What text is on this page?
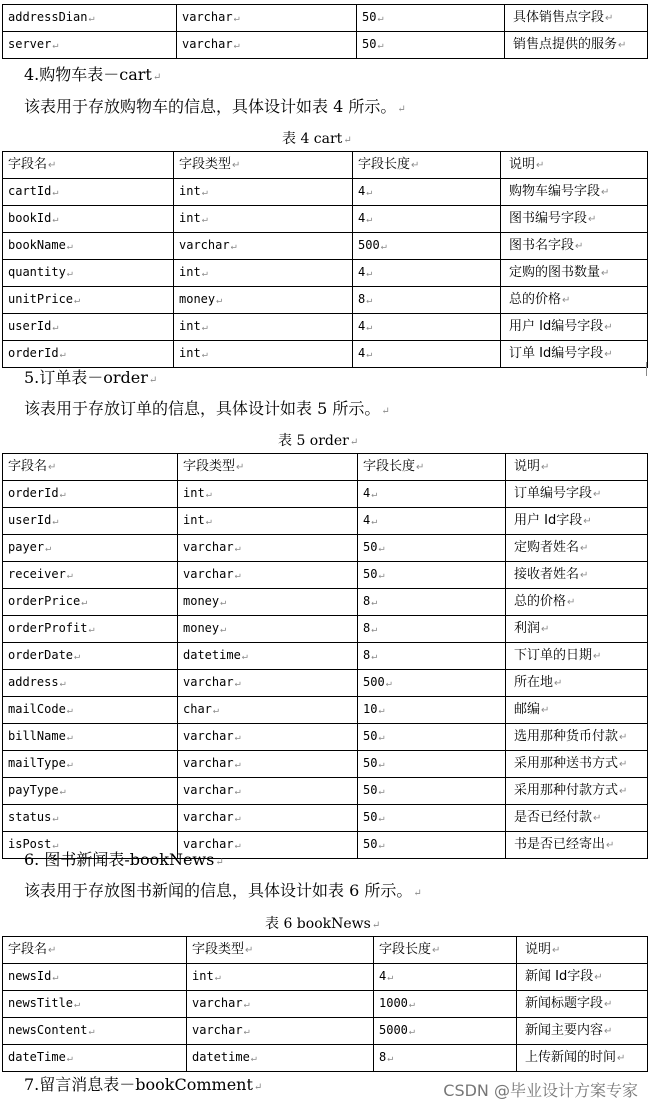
addressDian↵	varchar↵	50↵	具体销售点字段↵
server↵	varchar↵	50↵	销售点提供的服务↵
4.购物车表－cart↵
该表用于存放购物车的信息，具体设计如表 4 所示。↵
表 4 cart↵
字段名↵	字段类型↵	字段长度↵	说明↵
cartId↵	int↵	4↵	购物车编号字段↵
bookId↵	int↵	4↵	图书编号字段↵
bookName↵	varchar↵	500↵	图书名字段↵
quantity↵	int↵	4↵	定购的图书数量↵
unitPrice↵	money↵	8↵	总的价格↵
userId↵	int↵	4↵	用户 Id编号字段↵
orderId↵	int↵	4↵	订单 Id编号字段↵
5.订单表－order↵
该表用于存放订单的信息，具体设计如表 5 所示。↵
表 5 order↵
字段名↵	字段类型↵	字段长度↵	说明↵
orderId↵	int↵	4↵	订单编号字段↵
userId↵	int↵	4↵	用户 Id字段↵
payer↵	varchar↵	50↵	定购者姓名↵
receiver↵	varchar↵	50↵	接收者姓名↵
orderPrice↵	money↵	8↵	总的价格↵
orderProfit↵	money↵	8↵	利润↵
orderDate↵	datetime↵	8↵	下订单的日期↵
address↵	varchar↵	500↵	所在地↵
mailCode↵	char↵	10↵	邮编↵
billName↵	varchar↵	50↵	选用那种货币付款↵
mailType↵	varchar↵	50↵	采用那种送书方式↵
payType↵	varchar↵	50↵	采用那种付款方式↵
status↵	varchar↵	50↵	是否已经付款↵
isPost↵	varchar↵	50↵	书是否已经寄出↵
6. 图书新闻表-bookNews↵
该表用于存放图书新闻的信息，具体设计如表 6 所示。↵
表 6 bookNews↵
字段名↵	字段类型↵	字段长度↵	说明↵
newsId↵	int↵	4↵	新闻 Id字段↵
newsTitle↵	varchar↵	1000↵	新闻标题字段↵
newsContent↵	varchar↵	5000↵	新闻主要内容↵
dateTime↵	datetime↵	8↵	上传新闻的时间↵
7.留言消息表－bookComment↵	CSDN @毕业设计方案专家
